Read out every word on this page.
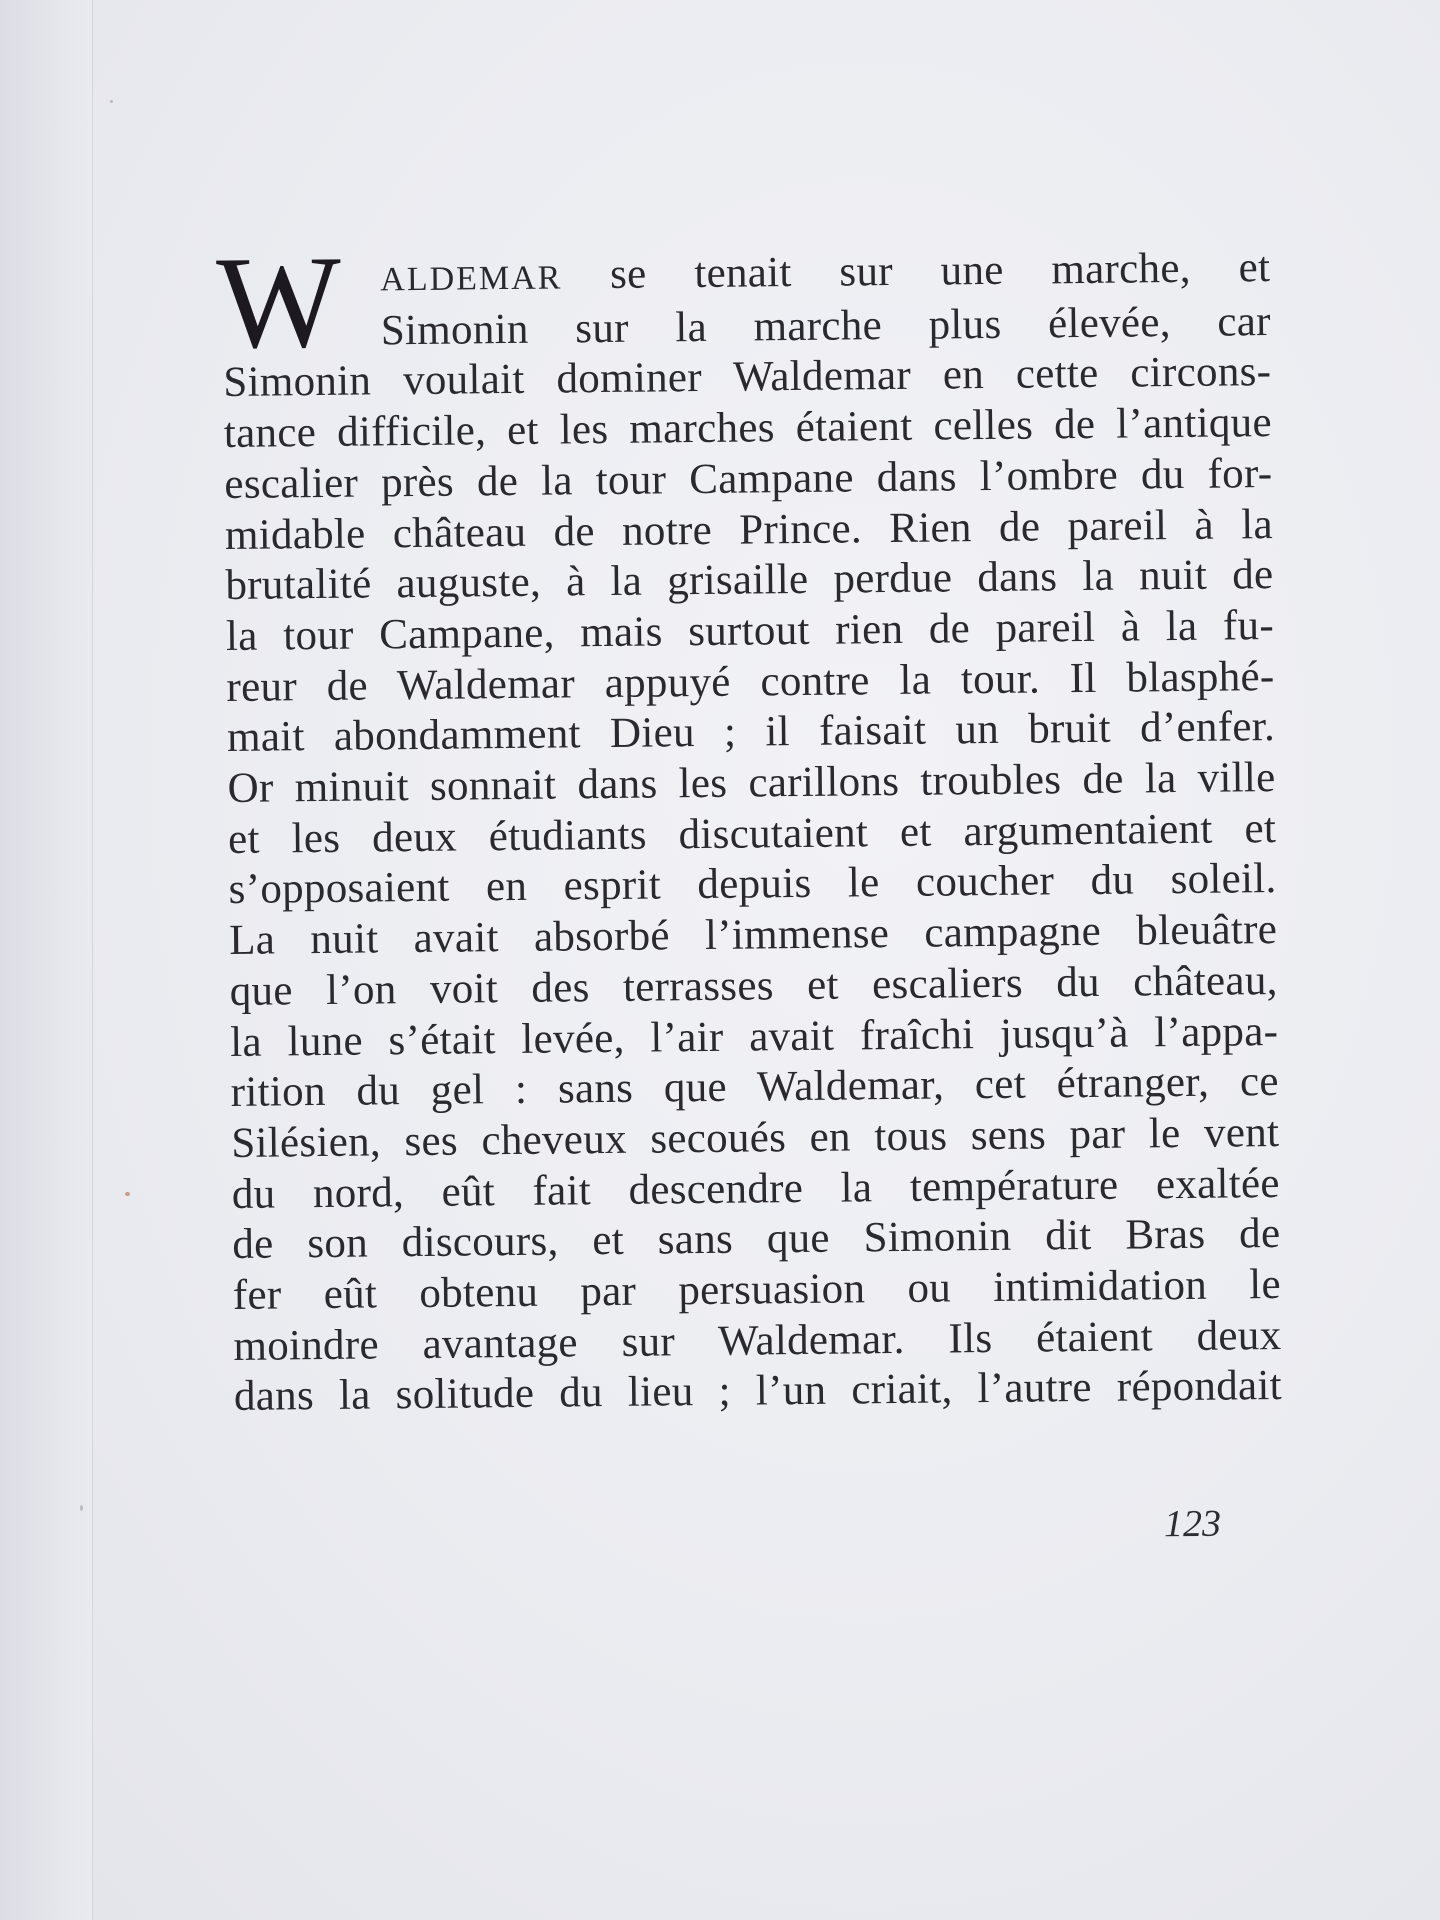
W	ALDEMAR se tenait sur une marche, et
Simonin sur la marche plus élevée, car
Simonin voulait dominer Waldemar en cette circons-
tance difficile, et les marches étaient celles de l’antique
escalier près de la tour Campane dans l’ombre du for-
midable château de notre Prince. Rien de pareil à la
brutalité auguste, à la grisaille perdue dans la nuit de
la tour Campane, mais surtout rien de pareil à la fu-
reur de Waldemar appuyé contre la tour. Il blasphé-
mait abondamment Dieu ; il faisait un bruit d’enfer.
Or minuit sonnait dans les carillons troubles de la ville
et les deux étudiants discutaient et argumentaient et
s’opposaient en esprit depuis le coucher du soleil.
La nuit avait absorbé l’immense campagne bleuâtre
que l’on voit des terrasses et escaliers du château,
la lune s’était levée, l’air avait fraîchi jusqu’à l’appa-
rition du gel : sans que Waldemar, cet étranger, ce
Silésien, ses cheveux secoués en tous sens par le vent
du nord, eût fait descendre la température exaltée
de son discours, et sans que Simonin dit Bras de
fer eût obtenu par persuasion ou intimidation le
moindre avantage sur Waldemar. Ils étaient deux
dans la solitude du lieu ; l’un criait, l’autre répondait
123
